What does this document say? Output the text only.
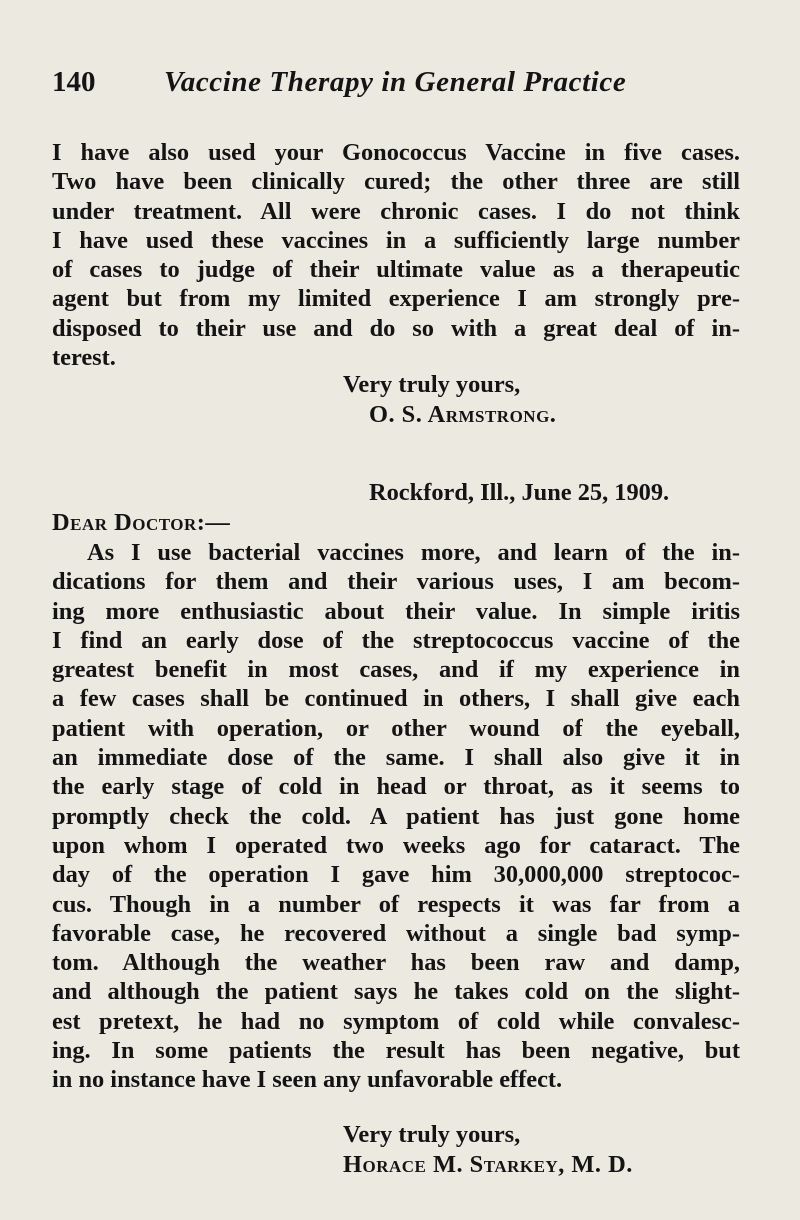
140 Vaccine Therapy in General Practice

I have also used your Gonococcus Vaccine in five cases.
Two have been clinically cured; the other three are still
under treatment. All were chronic cases. I do not think
I have used these vaccines in a sufficiently large number
of cases to judge of their ultimate value as a therapeutic
agent but from my limited experience I am strongly pre-
disposed to their use and do so with a great deal of in-
terest.

Very truly yours,
O. S. Armstrong.
Rockford, Ill., June 25, 1909.
Dear Doctor:—

As I use bacterial vaccines more, and learn of the in-
dications for them and their various uses, I am becom-
ing more enthusiastic about their value. In simple iritis
I find an early dose of the streptococcus vaccine of the
greatest benefit in most cases, and if my experience in
a few cases shall be continued in others, I shall give each
patient with operation, or other wound of the eyeball,
an immediate dose of the same. I shall also give it in
the early stage of cold in head or throat, as it seems to
promptly check the cold. A patient has just gone home
upon whom I operated two weeks ago for cataract. The
day of the operation I gave him 30,000,000 streptococ-
cus. Though in a number of respects it was far from a
favorable case, he recovered without a single bad symp-
tom. Although the weather has been raw and damp,
and although the patient says he takes cold on the slight-
est pretext, he had no symptom of cold while convalesc-
ing. In some patients the result has been negative, but
in no instance have I seen any unfavorable effect.

Very truly yours,
Horace M. Starkey, M. D.
